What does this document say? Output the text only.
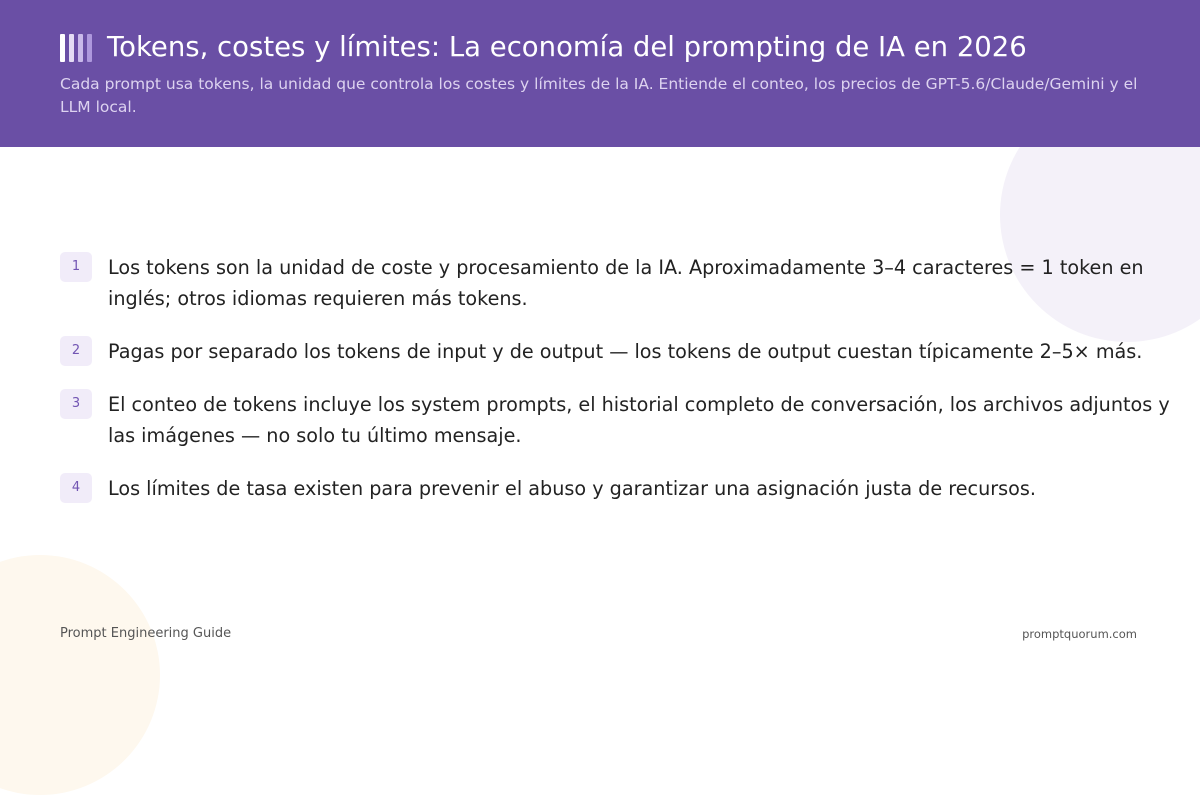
Tokens, costes y límites: La economía del prompting de IA en 2026

Cada prompt usa tokens, la unidad que controla los costes y límites de la IA. Entiende el conteo, los precios de GPT-5.6/Claude/Gemini y el LLM local.

1	Los tokens son la unidad de coste y procesamiento de la IA. Aproximadamente 3–4 caracteres = 1 token en inglés; otros idiomas requieren más tokens.
2	Pagas por separado los tokens de input y de output — los tokens de output cuestan típicamente 2–5× más.
3	El conteo de tokens incluye los system prompts, el historial completo de conversación, los archivos adjuntos y las imágenes — no solo tu último mensaje.
4	Los límites de tasa existen para prevenir el abuso y garantizar una asignación justa de recursos.
Prompt Engineering Guide	promptquorum.com
